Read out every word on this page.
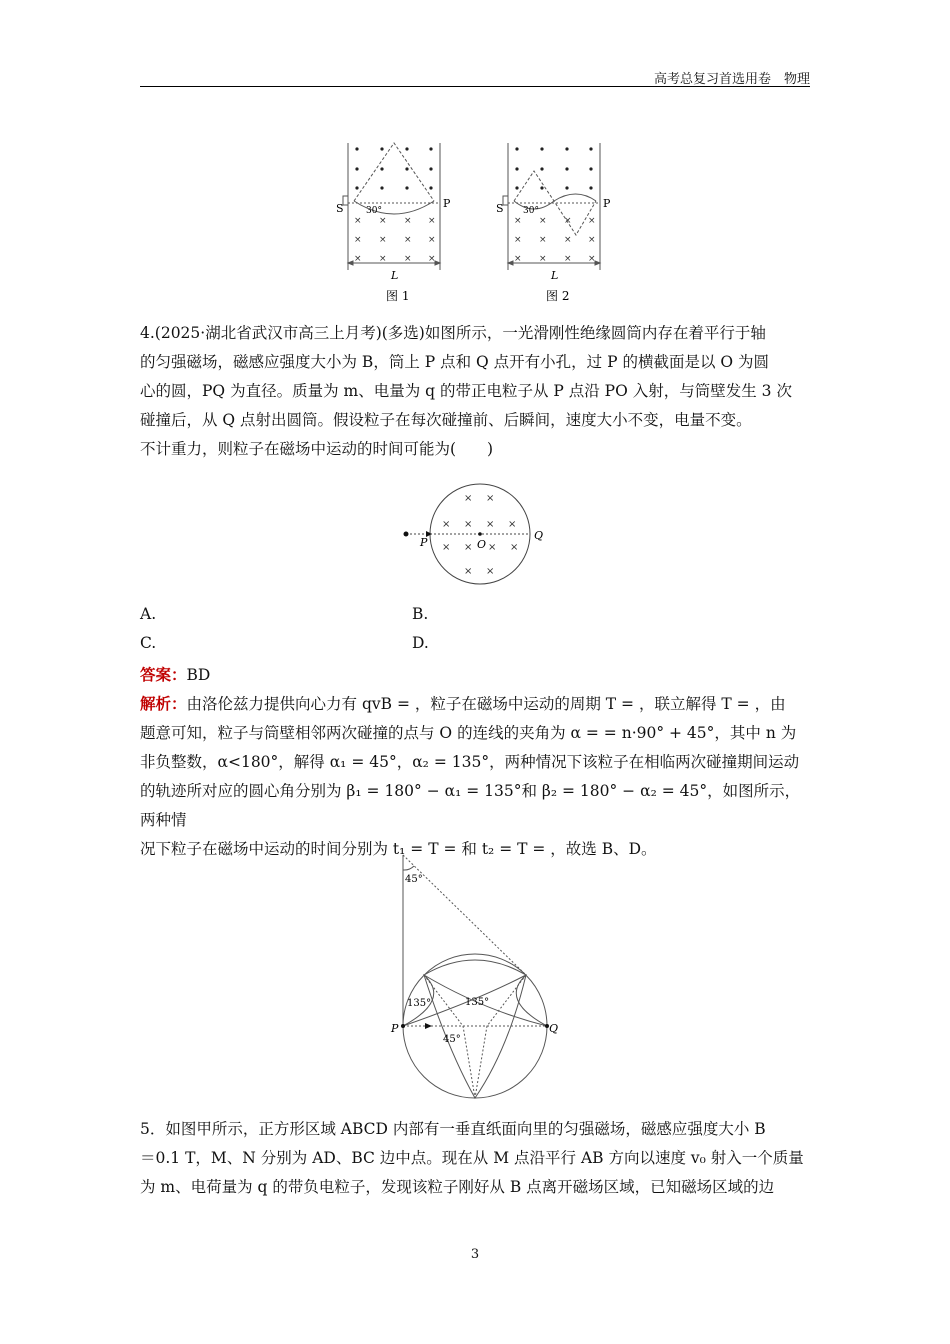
高考总复习首选用卷　物理
× × × ×
× × × ×
× × × ×
S	P
30°
L
图 1
× × × ×
× × × ×
× × × ×
S	P
30°
L
图 2
4.(2025·湖北省武汉市高三上月考)(多选)如图所示，一光滑刚性绝缘圆筒内存在着平行于轴
的匀强磁场，磁感应强度大小为 B，筒上 P 点和 Q 点开有小孔，过 P 的横截面是以 O 为圆
心的圆，PQ 为直径。质量为 m、电量为 q 的带正电粒子从 P 点沿 PO 入射，与筒壁发生 3 次
碰撞后，从 Q 点射出圆筒。假设粒子在每次碰撞前、后瞬间，速度大小不变，电量不变。
不计重力，则粒子在磁场中运动的时间可能为(　　)
× ×
× × × ×
× × × ×
× ×
P	O
Q
A.	B.
C.	D.
答案：BD
解析：由洛伦兹力提供向心力有 qvB = ，粒子在磁场中运动的周期 T = ，联立解得 T = ，由
题意可知，粒子与筒壁相邻两次碰撞的点与 O 的连线的夹角为 α = = n·90° + 45°，其中 n 为
非负整数，α<180°，解得 α₁ = 45°，α₂ = 135°，两种情况下该粒子在相临两次碰撞期间运动
的轨迹所对应的圆心角分别为 β₁ = 180° − α₁ = 135°和 β₂ = 180° − α₂ = 45°，如图所示，两种情
况下粒子在磁场中运动的时间分别为 t₁ = T = 和 t₂ = T = ，故选 B、D。
45°
135°	135°
45°
P	Q
5．如图甲所示，正方形区域 ABCD 内部有一垂直纸面向里的匀强磁场，磁感应强度大小 B
＝0.1 T，M、N 分别为 AD、BC 边中点。现在从 M 点沿平行 AB 方向以速度 v₀ 射入一个质量
为 m、电荷量为 q 的带负电粒子，发现该粒子刚好从 B 点离开磁场区域，已知磁场区域的边
3
